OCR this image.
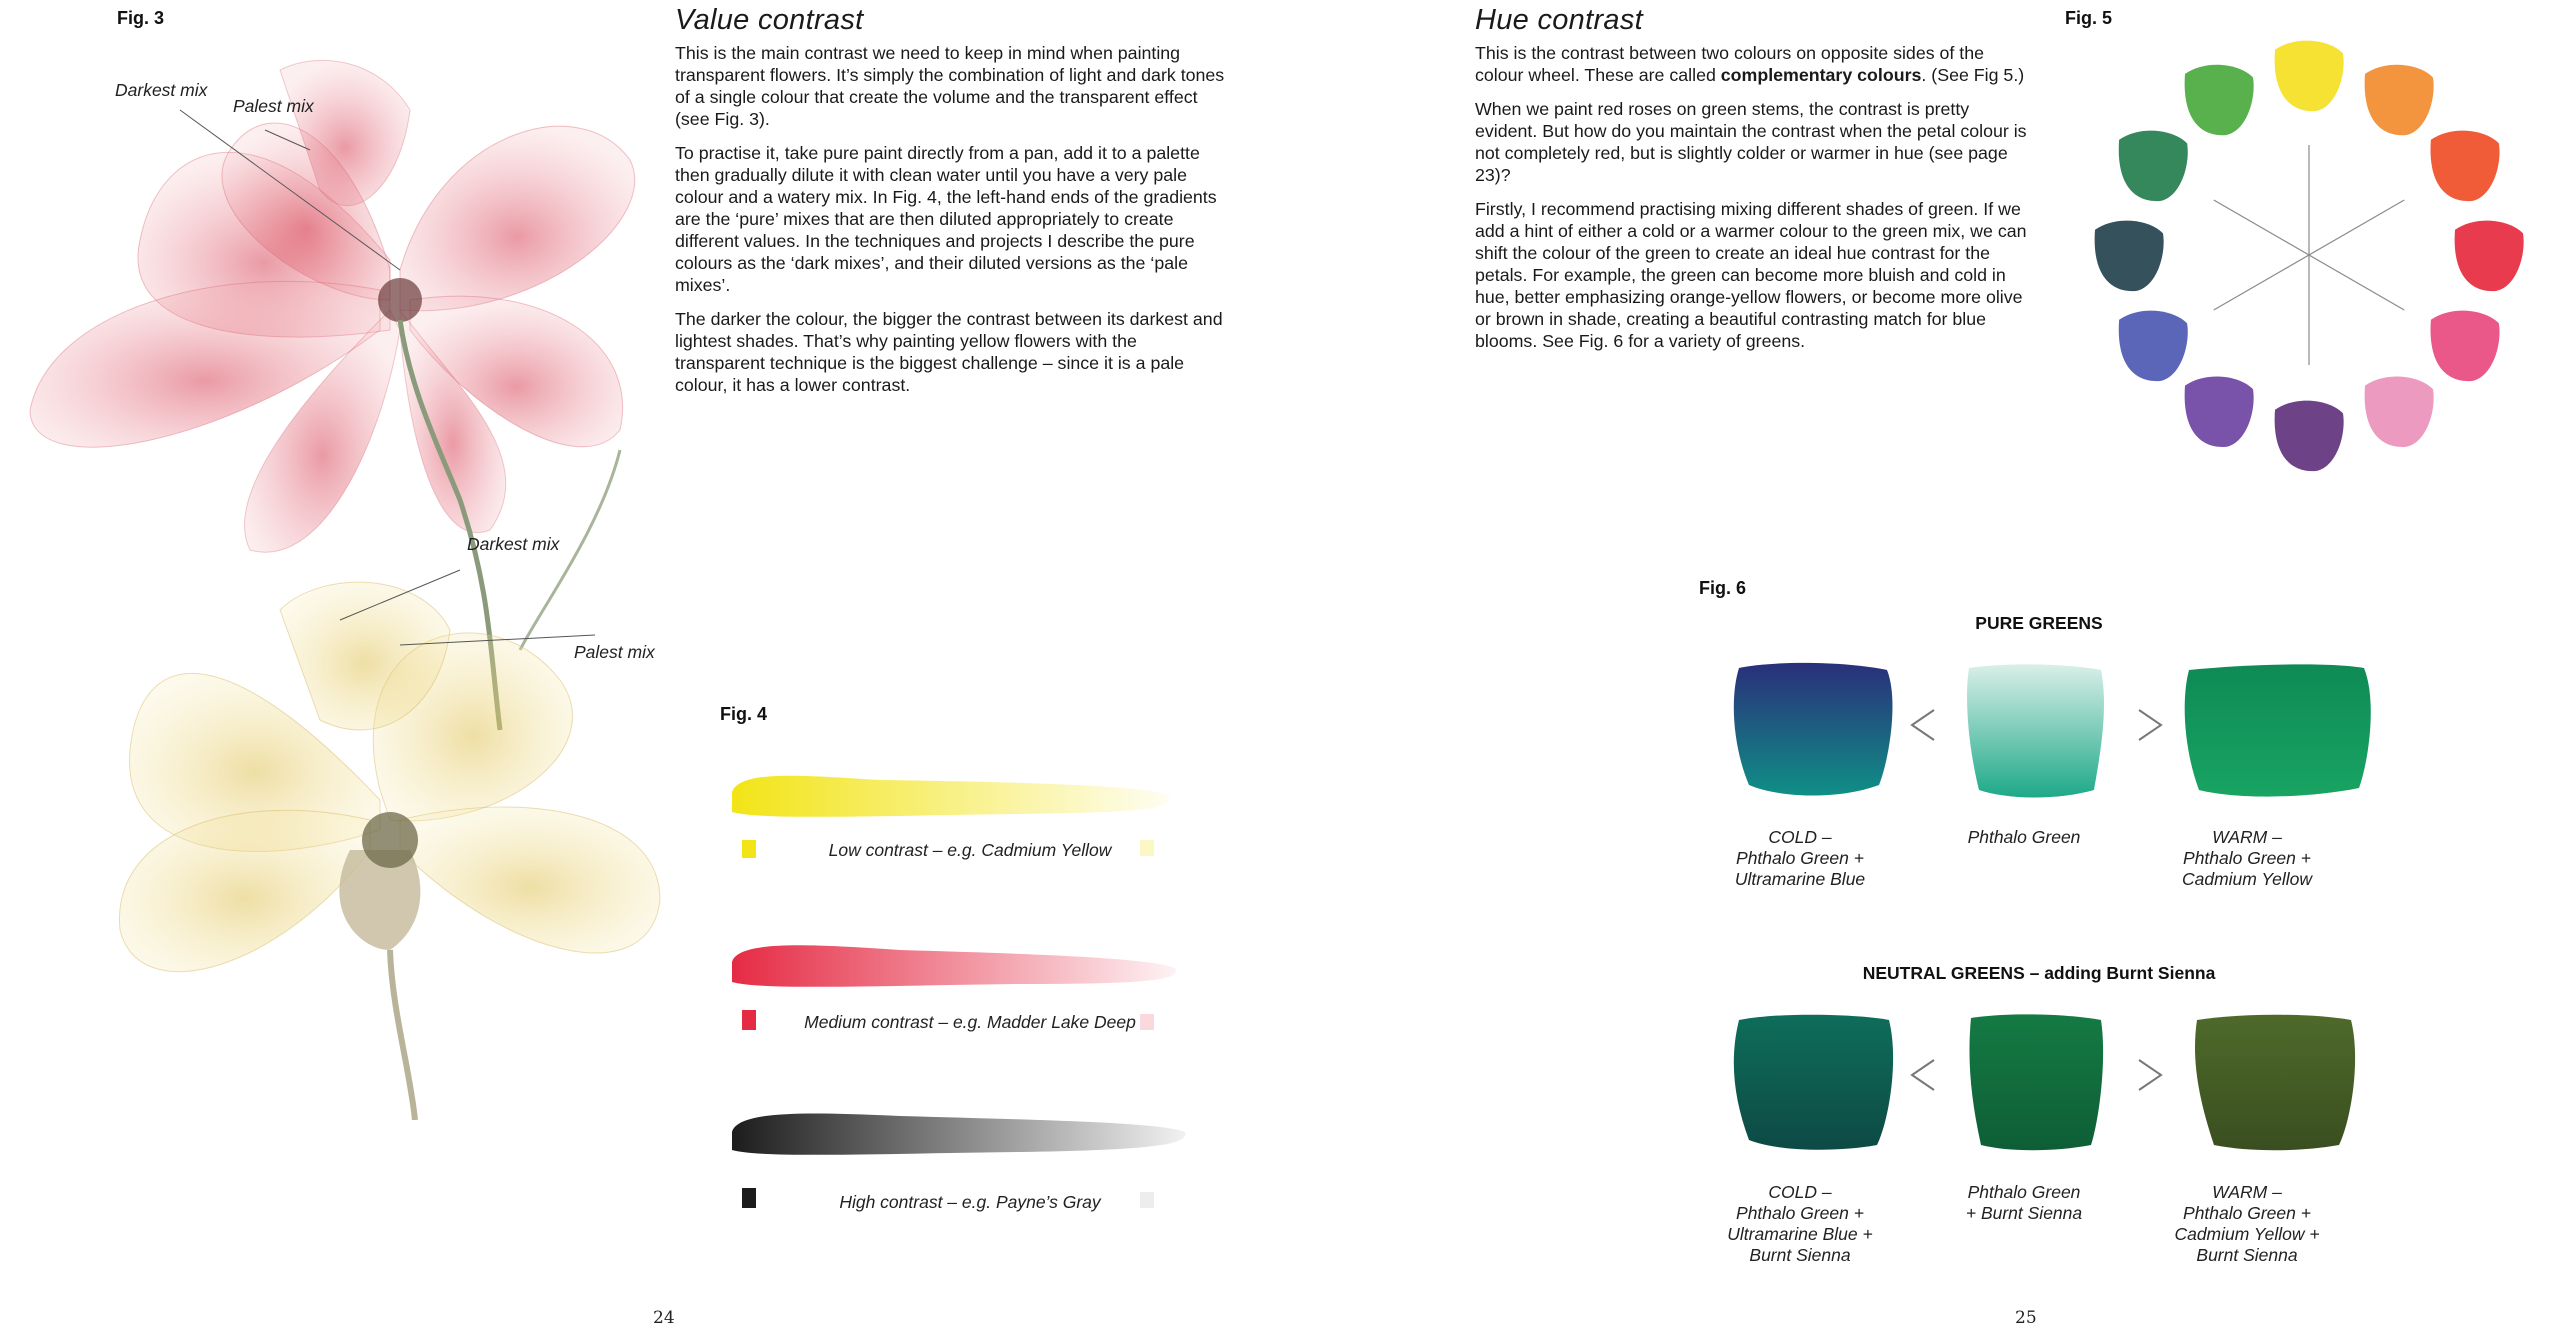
Fig. 3
Darkest mix
Palest mix
Darkest mix
Palest mix
Value contrast

This is the main contrast we need to keep in mind when painting transparent flowers. It’s simply the combination of light and dark tones of a single colour that create the volume and the transparent effect (see Fig. 3).

To practise it, take pure paint directly from a pan, add it to a palette then gradually dilute it with clean water until you have a very pale colour and a watery mix. In Fig. 4, the left-hand ends of the gradients are the ‘pure’ mixes that are then diluted appropriately to create different values. In the techniques and projects I describe the pure colours as the ‘dark mixes’, and their diluted versions as the ‘pale mixes’.

The darker the colour, the bigger the contrast between its darkest and lightest shades. That’s why painting yellow flowers with the transparent technique is the biggest challenge – since it is a pale colour, it has a lower contrast.

Fig. 4
Low contrast – e.g. Cadmium Yellow
Medium contrast – e.g. Madder Lake Deep
High contrast – e.g. Payne’s Gray
24
Hue contrast

This is the contrast between two colours on opposite sides of the colour wheel. These are called complementary colours. (See Fig 5.)

When we paint red roses on green stems, the contrast is pretty evident. But how do you maintain the contrast when the petal colour is not completely red, but is slightly colder or warmer in hue (see page 23)?

Firstly, I recommend practising mixing different shades of green. If we add a hint of either a cold or a warmer colour to the green mix, we can shift the colour of the green to create an ideal hue contrast for the petals. For example, the green can become more bluish and cold in hue, better emphasizing orange-yellow flowers, or become more olive or brown in shade, creating a beautiful contrasting match for blue blooms. See Fig. 6 for a variety of greens.

Fig. 5
Fig. 6
PURE GREENS
NEUTRAL GREENS – adding Burnt Sienna
COLD –
Phthalo Green +
Ultramarine Blue
Phthalo Green	WARM –
Phthalo Green +
Cadmium Yellow
COLD –
Phthalo Green +
Ultramarine Blue +
Burnt Sienna
Phthalo Green
+ Burnt Sienna
WARM –
Phthalo Green +
Cadmium Yellow +
Burnt Sienna
25
